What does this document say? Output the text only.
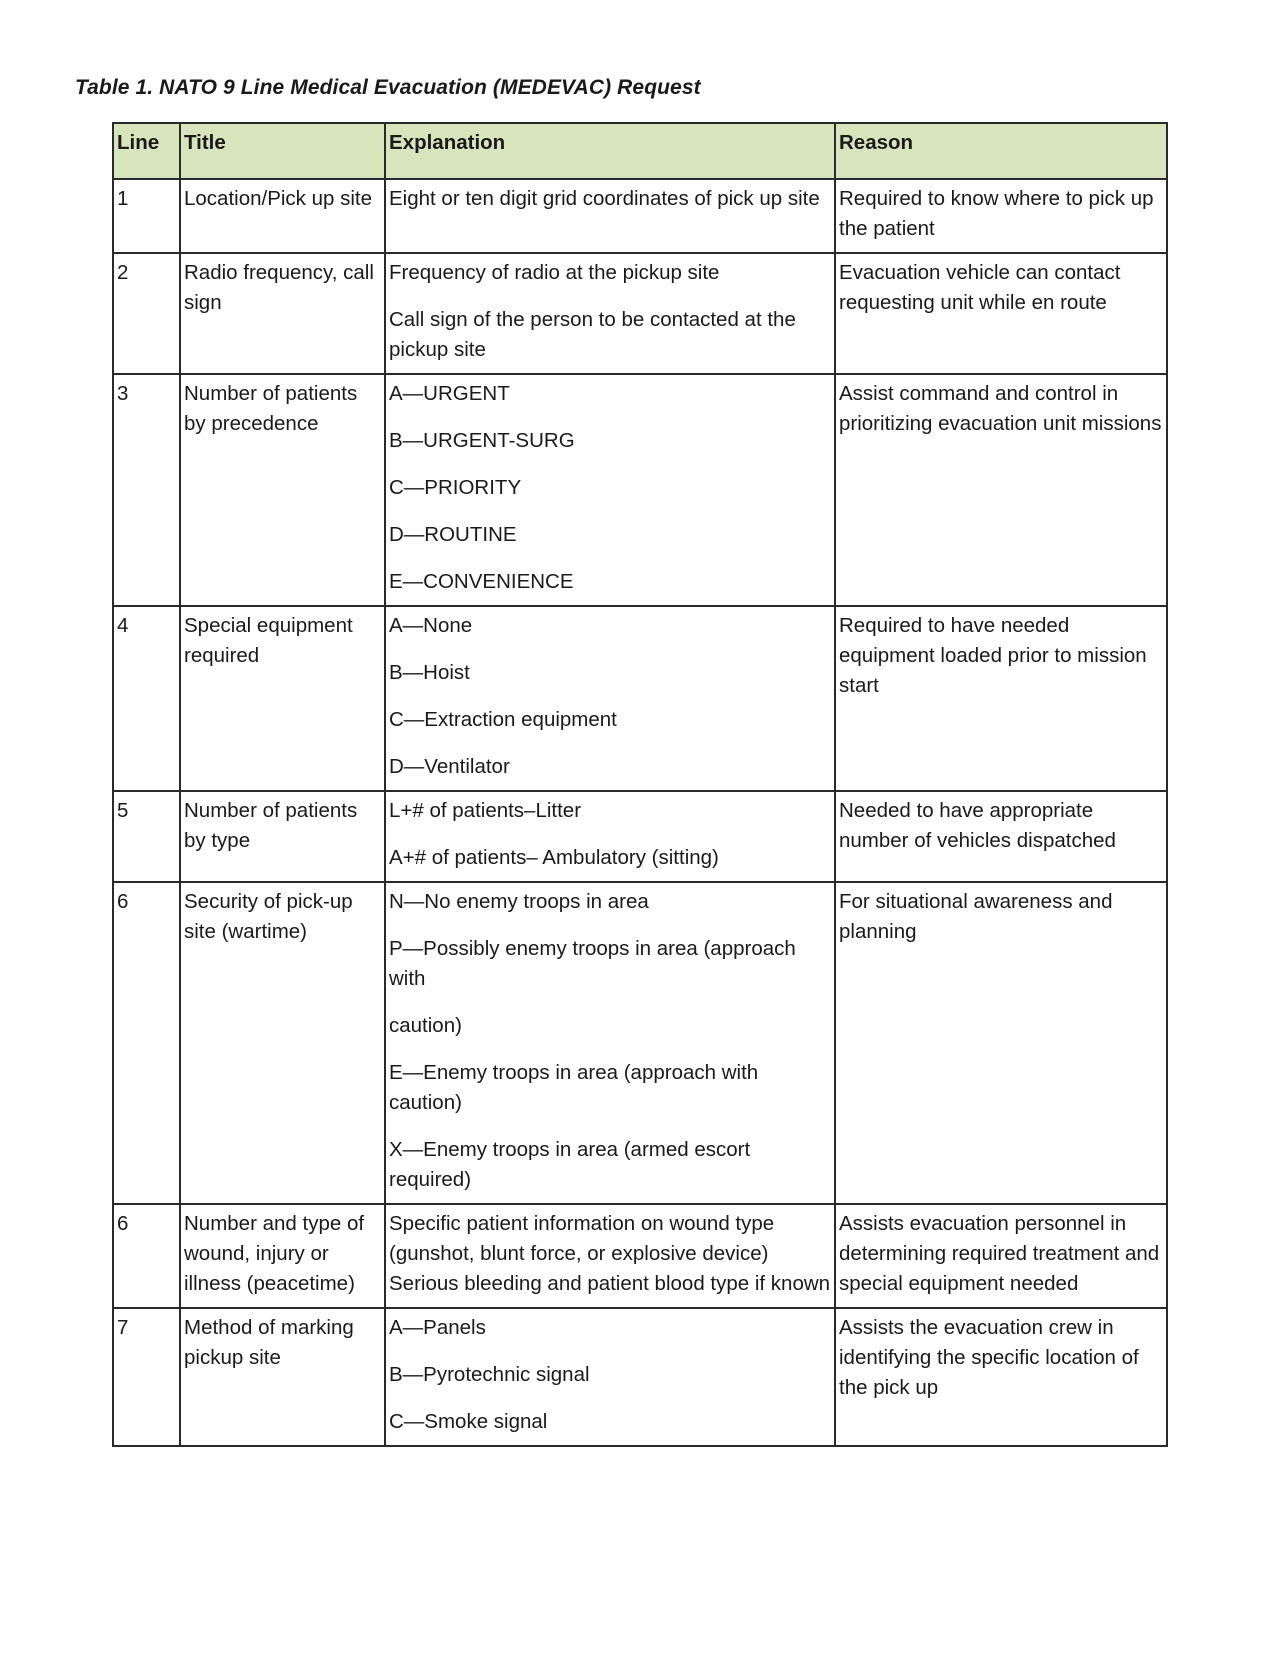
Table 1. NATO 9 Line Medical Evacuation (MEDEVAC) Request
Line	Title	Explanation	Reason
1	Location/Pick up site	Eight or ten digit grid coordinates of pick up site	Required to know where to pick up the patient
2	Radio frequency, call sign	Frequency of radio at the pickup site
Call sign of the person to be contacted at the pickup site	Evacuation vehicle can contact requesting unit while en route
3	Number of patients by precedence	A—URGENT
B—URGENT-SURG
C—PRIORITY
D—ROUTINE
E—CONVENIENCE	Assist command and control in prioritizing evacuation unit missions
4	Special equipment required	A—None
B—Hoist
C—Extraction equipment
D—Ventilator	Required to have needed equipment loaded prior to mission start
5	Number of patients by type	L+# of patients–Litter
A+# of patients– Ambulatory (sitting)	Needed to have appropriate number of vehicles dispatched
6	Security of pick-up site (wartime)	N—No enemy troops in area
P—Possibly enemy troops in area (approach with
caution)
E—Enemy troops in area (approach with caution)
X—Enemy troops in area (armed escort required)	For situational awareness and planning
6	Number and type of wound, injury or illness (peacetime)	Specific patient information on wound type (gunshot, blunt force, or explosive device) Serious bleeding and patient blood type if known	Assists evacuation personnel in determining required treatment and special equipment needed
7	Method of marking pickup site	A—Panels
B—Pyrotechnic signal
C—Smoke signal	Assists the evacuation crew in identifying the specific location of the pick up
